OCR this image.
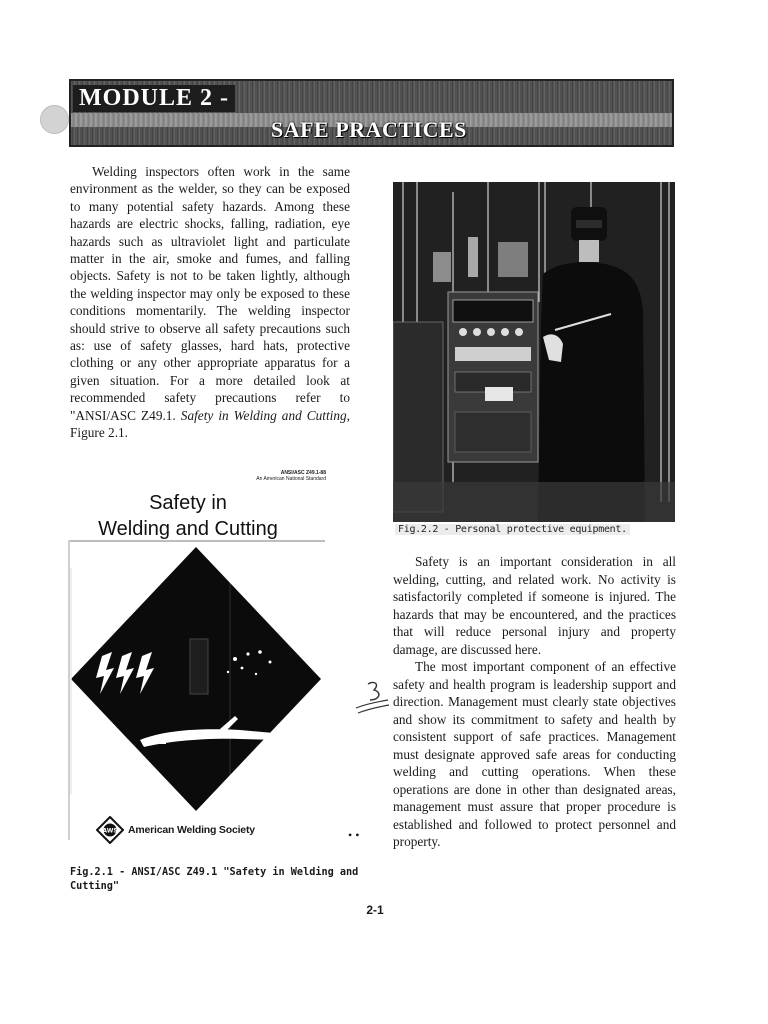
MODULE 2 -
SAFE PRACTICES

Welding inspectors often work in the same environment as the welder, so they can be exposed to many potential safety hazards. Among these hazards are electric shocks, falling, radiation, eye hazards such as ultraviolet light and particulate matter in the air, smoke and fumes, and falling objects. Safety is not to be taken lightly, although the welding inspector may only be exposed to these conditions momentarily. The welding inspector should strive to observe all safety precautions such as: use of safety glasses, hard hats, protective clothing or any other appropriate apparatus for a given situation. For a more detailed look at recommended safety precautions refer to "ANSI/ASC Z49.1. Safety in Welding and Cutting, Figure 2.1.

ANSI/ASC Z49.1-88
An American National Standard
Safety in
Welding and Cutting
AWS American Welding Society	• •
Fig.2.1 - ANSI/ASC Z49.1 "Safety in Welding and Cutting"
Fig.2.2 - Personal protective equipment.

Safety is an important consideration in all welding, cutting, and related work. No activity is satisfactorily completed if someone is injured. The hazards that may be encountered, and the practices that will reduce personal injury and property damage, are discussed here.

The most important component of an effective safety and health program is leadership support and direction. Management must clearly state objectives and show its commitment to safety and health by consistent support of safe practices. Management must designate approved safe areas for conducting welding and cutting operations. When these operations are done in other than designated areas, management must assure that proper procedure is established and followed to protect personnel and property.

2-1
